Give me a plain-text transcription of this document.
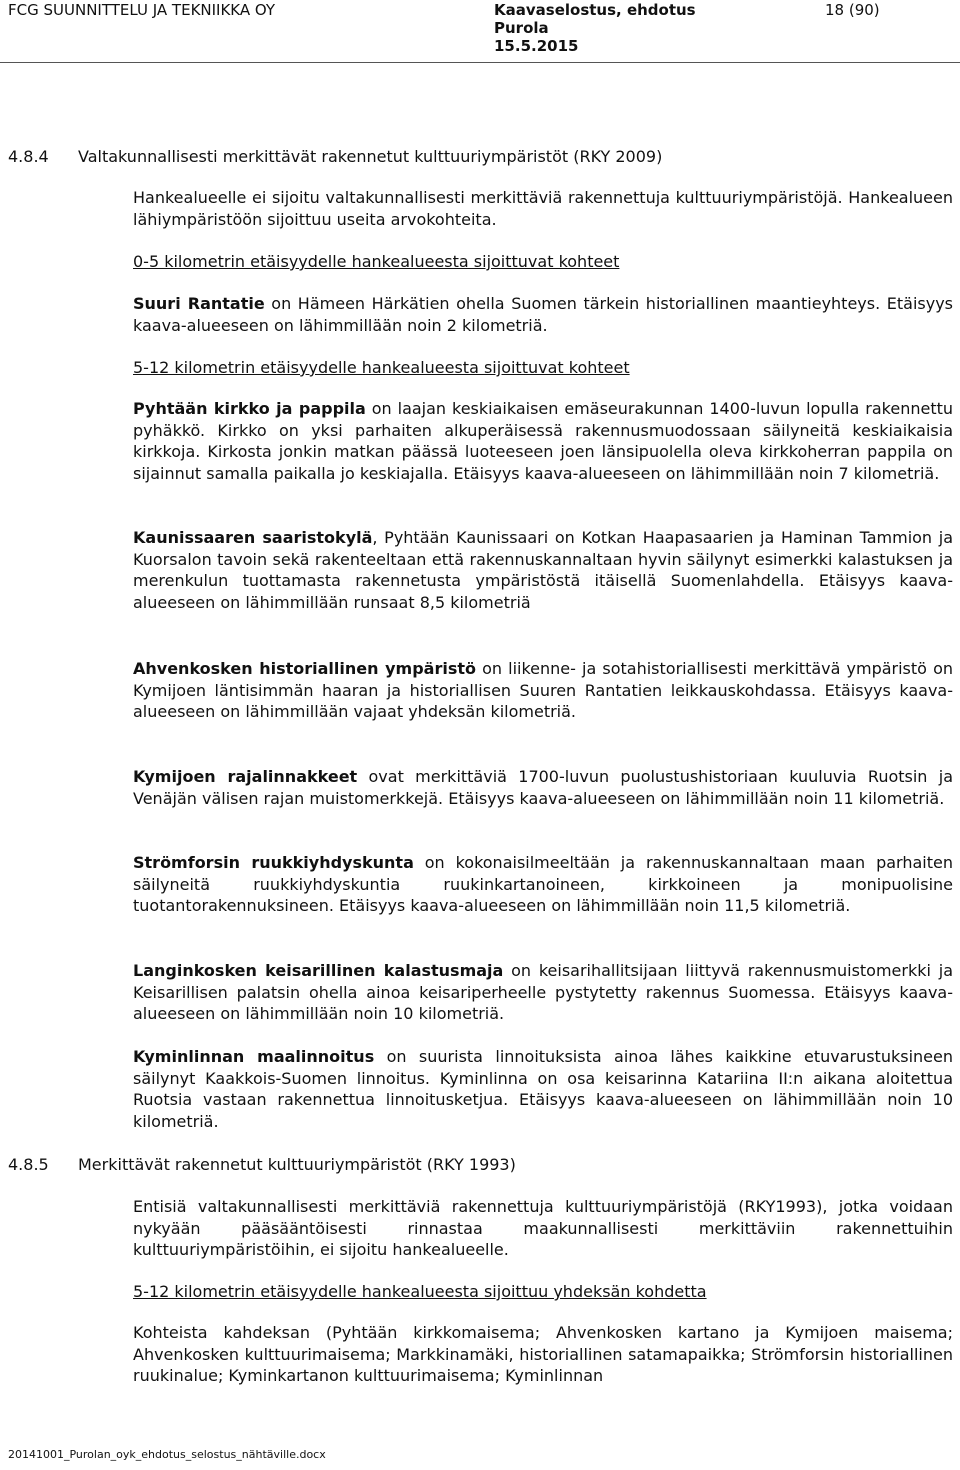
FCG SUUNNITTELU JA TEKNIIKKA OY	Kaavaselostus, ehdotus
Purola
15.5.2015
18 (90)
4.8.4 Valtakunnallisesti merkittävät rakennetut kulttuuriympäristöt (RKY 2009)
Hankealueelle ei sijoitu valtakunnallisesti merkittäviä rakennettuja kulttuuriympäristöjä. Hankealueen lähiympäristöön sijoittuu useita arvokohteita.
0-5 kilometrin etäisyydelle hankealueesta sijoittuvat kohteet
Suuri Rantatie on Hämeen Härkätien ohella Suomen tärkein historiallinen maantieyhteys. Etäisyys kaava-alueeseen on lähimmillään noin 2 kilometriä.
5-12 kilometrin etäisyydelle hankealueesta sijoittuvat kohteet
Pyhtään kirkko ja pappila on laajan keskiaikaisen emäseurakunnan 1400-luvun lopulla rakennettu pyhäkkö. Kirkko on yksi parhaiten alkuperäisessä rakennusmuodossaan säilyneitä keskiaikaisia kirkkoja. Kirkosta jonkin matkan päässä luoteeseen joen länsipuolella oleva kirkkoherran pappila on sijainnut samalla paikalla jo keskiajalla. Etäisyys kaava-alueeseen on lähimmillään noin 7 kilometriä.
Kaunissaaren saaristokylä, Pyhtään Kaunissaari on Kotkan Haapasaarien ja Haminan Tammion ja Kuorsalon tavoin sekä rakenteeltaan että rakennuskannaltaan hyvin säilynyt esimerkki kalastuksen ja merenkulun tuottamasta rakennetusta ympäristöstä itäisellä Suomenlahdella. Etäisyys kaava-alueeseen on lähimmillään runsaat 8,5 kilometriä
Ahvenkosken historiallinen ympäristö on liikenne- ja sotahistoriallisesti merkittävä ympäristö on Kymijoen läntisimmän haaran ja historiallisen Suuren Rantatien leikkauskohdassa. Etäisyys kaava-alueeseen on lähimmillään vajaat yhdeksän kilometriä.
Kymijoen rajalinnakkeet ovat merkittäviä 1700-luvun puolustushistoriaan kuuluvia Ruotsin ja Venäjän välisen rajan muistomerkkejä. Etäisyys kaava-alueeseen on lähimmillään noin 11 kilometriä.
Strömforsin ruukkiyhdyskunta on kokonaisilmeeltään ja rakennuskannaltaan maan parhaiten säilyneitä ruukkiyhdyskuntia ruukinkartanoineen, kirkkoineen ja monipuolisine tuotantorakennuksineen. Etäisyys kaava-alueeseen on lähimmillään noin 11,5 kilometriä.
Langinkosken keisarillinen kalastusmaja on keisarihallitsijaan liittyvä rakennusmuistomerkki ja Keisarillisen palatsin ohella ainoa keisariperheelle pystytetty rakennus Suomessa. Etäisyys kaava-alueeseen on lähimmillään noin 10 kilometriä.
Kyminlinnan maalinnoitus on suurista linnoituksista ainoa lähes kaikkine etuvarustuksineen säilynyt Kaakkois-Suomen linnoitus. Kyminlinna on osa keisarinna Katariina II:n aikana aloitettua Ruotsia vastaan rakennettua linnoitusketjua. Etäisyys kaava-alueeseen on lähimmillään noin 10 kilometriä.
4.8.5 Merkittävät rakennetut kulttuuriympäristöt (RKY 1993)
Entisiä valtakunnallisesti merkittäviä rakennettuja kulttuuriympäristöjä (RKY1993), jotka voidaan nykyään pääsääntöisesti rinnastaa maakunnallisesti merkittäviin rakennettuihin kulttuuriympäristöihin, ei sijoitu hankealueelle.
5-12 kilometrin etäisyydelle hankealueesta sijoittuu yhdeksän kohdetta
Kohteista kahdeksan (Pyhtään kirkkomaisema; Ahvenkosken kartano ja Kymijoen maisema; Ahvenkosken kulttuurimaisema; Markkinamäki, historiallinen satamapaikka; Strömforsin historiallinen ruukinalue; Kyminkartanon kulttuurimaisema; Kyminlinnan
20141001_Purolan_oyk_ehdotus_selostus_nähtäville.docx
